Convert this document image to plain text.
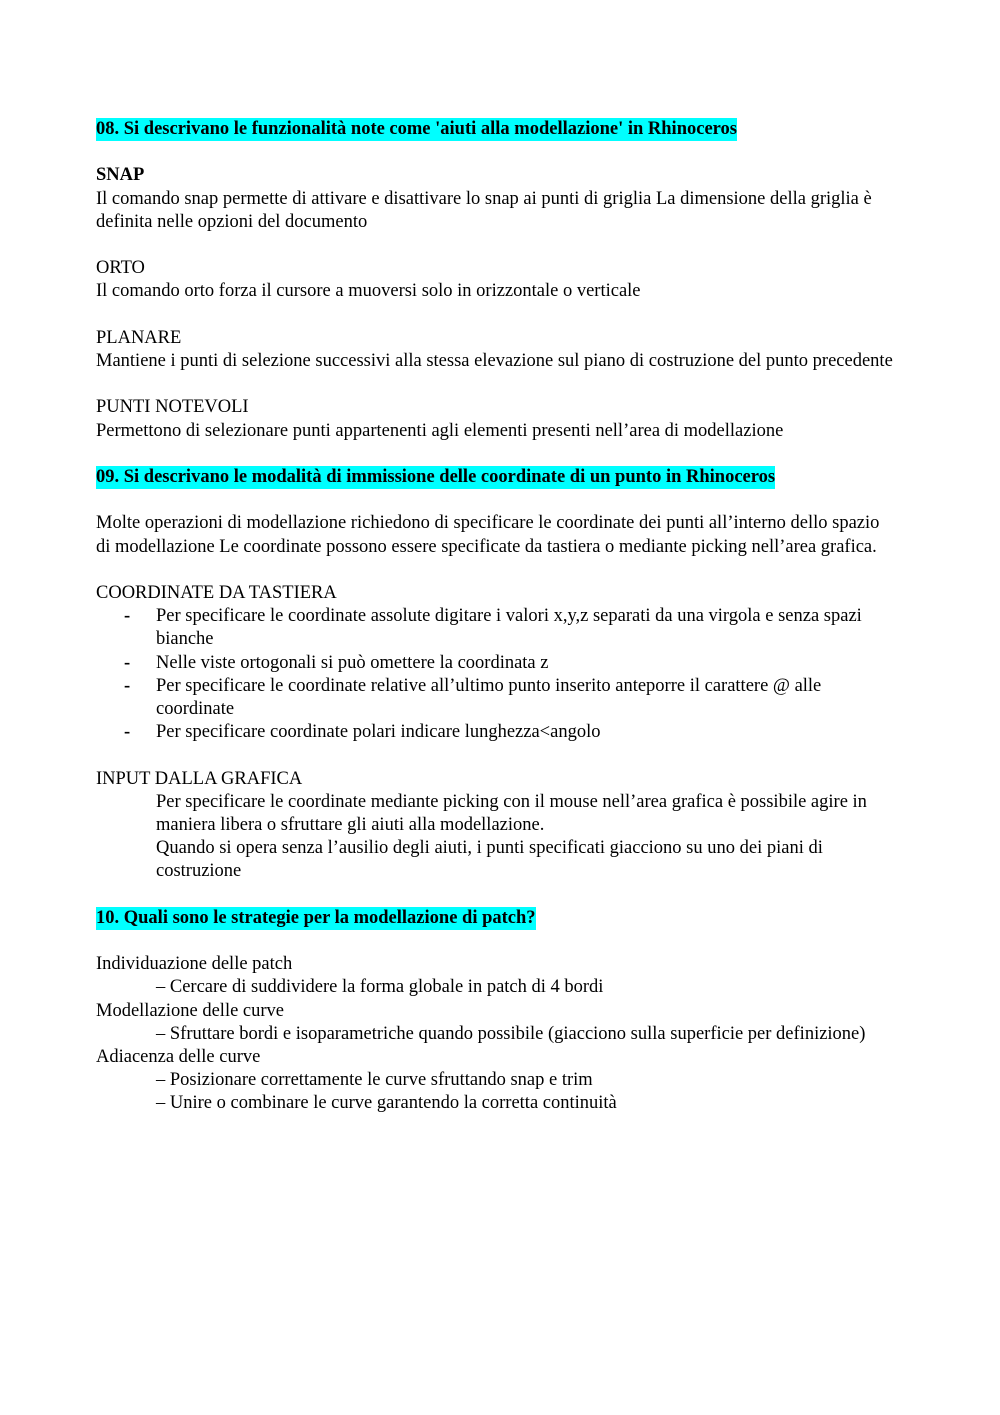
08. Si descrivano le funzionalità note come 'aiuti alla modellazione' in Rhinoceros

SNAP

Il comando snap permette di attivare e disattivare lo snap ai punti di griglia La dimensione della griglia è definita nelle opzioni del documento

ORTO

Il comando orto forza il cursore a muoversi solo in orizzontale o verticale

PLANARE

Mantiene i punti di selezione successivi alla stessa elevazione sul piano di costruzione del punto precedente

PUNTI NOTEVOLI

Permettono di selezionare punti appartenenti agli elementi presenti nell’area di modellazione

09. Si descrivano le modalità di immissione delle coordinate di un punto in Rhinoceros

Molte operazioni di modellazione richiedono di specificare le coordinate dei punti all’interno dello spazio di modellazione Le coordinate possono essere specificate da tastiera o mediante picking nell’area grafica.

COORDINATE DA TASTIERA

- Per specificare le coordinate assolute digitare i valori x,y,z separati da una virgola e senza spazi bianche
- Nelle viste ortogonali si può omettere la coordinata z
- Per specificare le coordinate relative all’ultimo punto inserito anteporre il carattere @ alle coordinate
- Per specificare coordinate polari indicare lunghezza<angolo

INPUT DALLA GRAFICA

Per specificare le coordinate mediante picking con il mouse nell’area grafica è possibile agire in maniera libera o sfruttare gli aiuti alla modellazione.

Quando si opera senza l’ausilio degli aiuti, i punti specificati giacciono su uno dei piani di costruzione

10. Quali sono le strategie per la modellazione di patch?

Individuazione delle patch

– Cercare di suddividere la forma globale in patch di 4 bordi

Modellazione delle curve

– Sfruttare bordi e isoparametriche quando possibile (giacciono sulla superficie per definizione)

Adiacenza delle curve

– Posizionare correttamente le curve sfruttando snap e trim

– Unire o combinare le curve garantendo la corretta continuità
